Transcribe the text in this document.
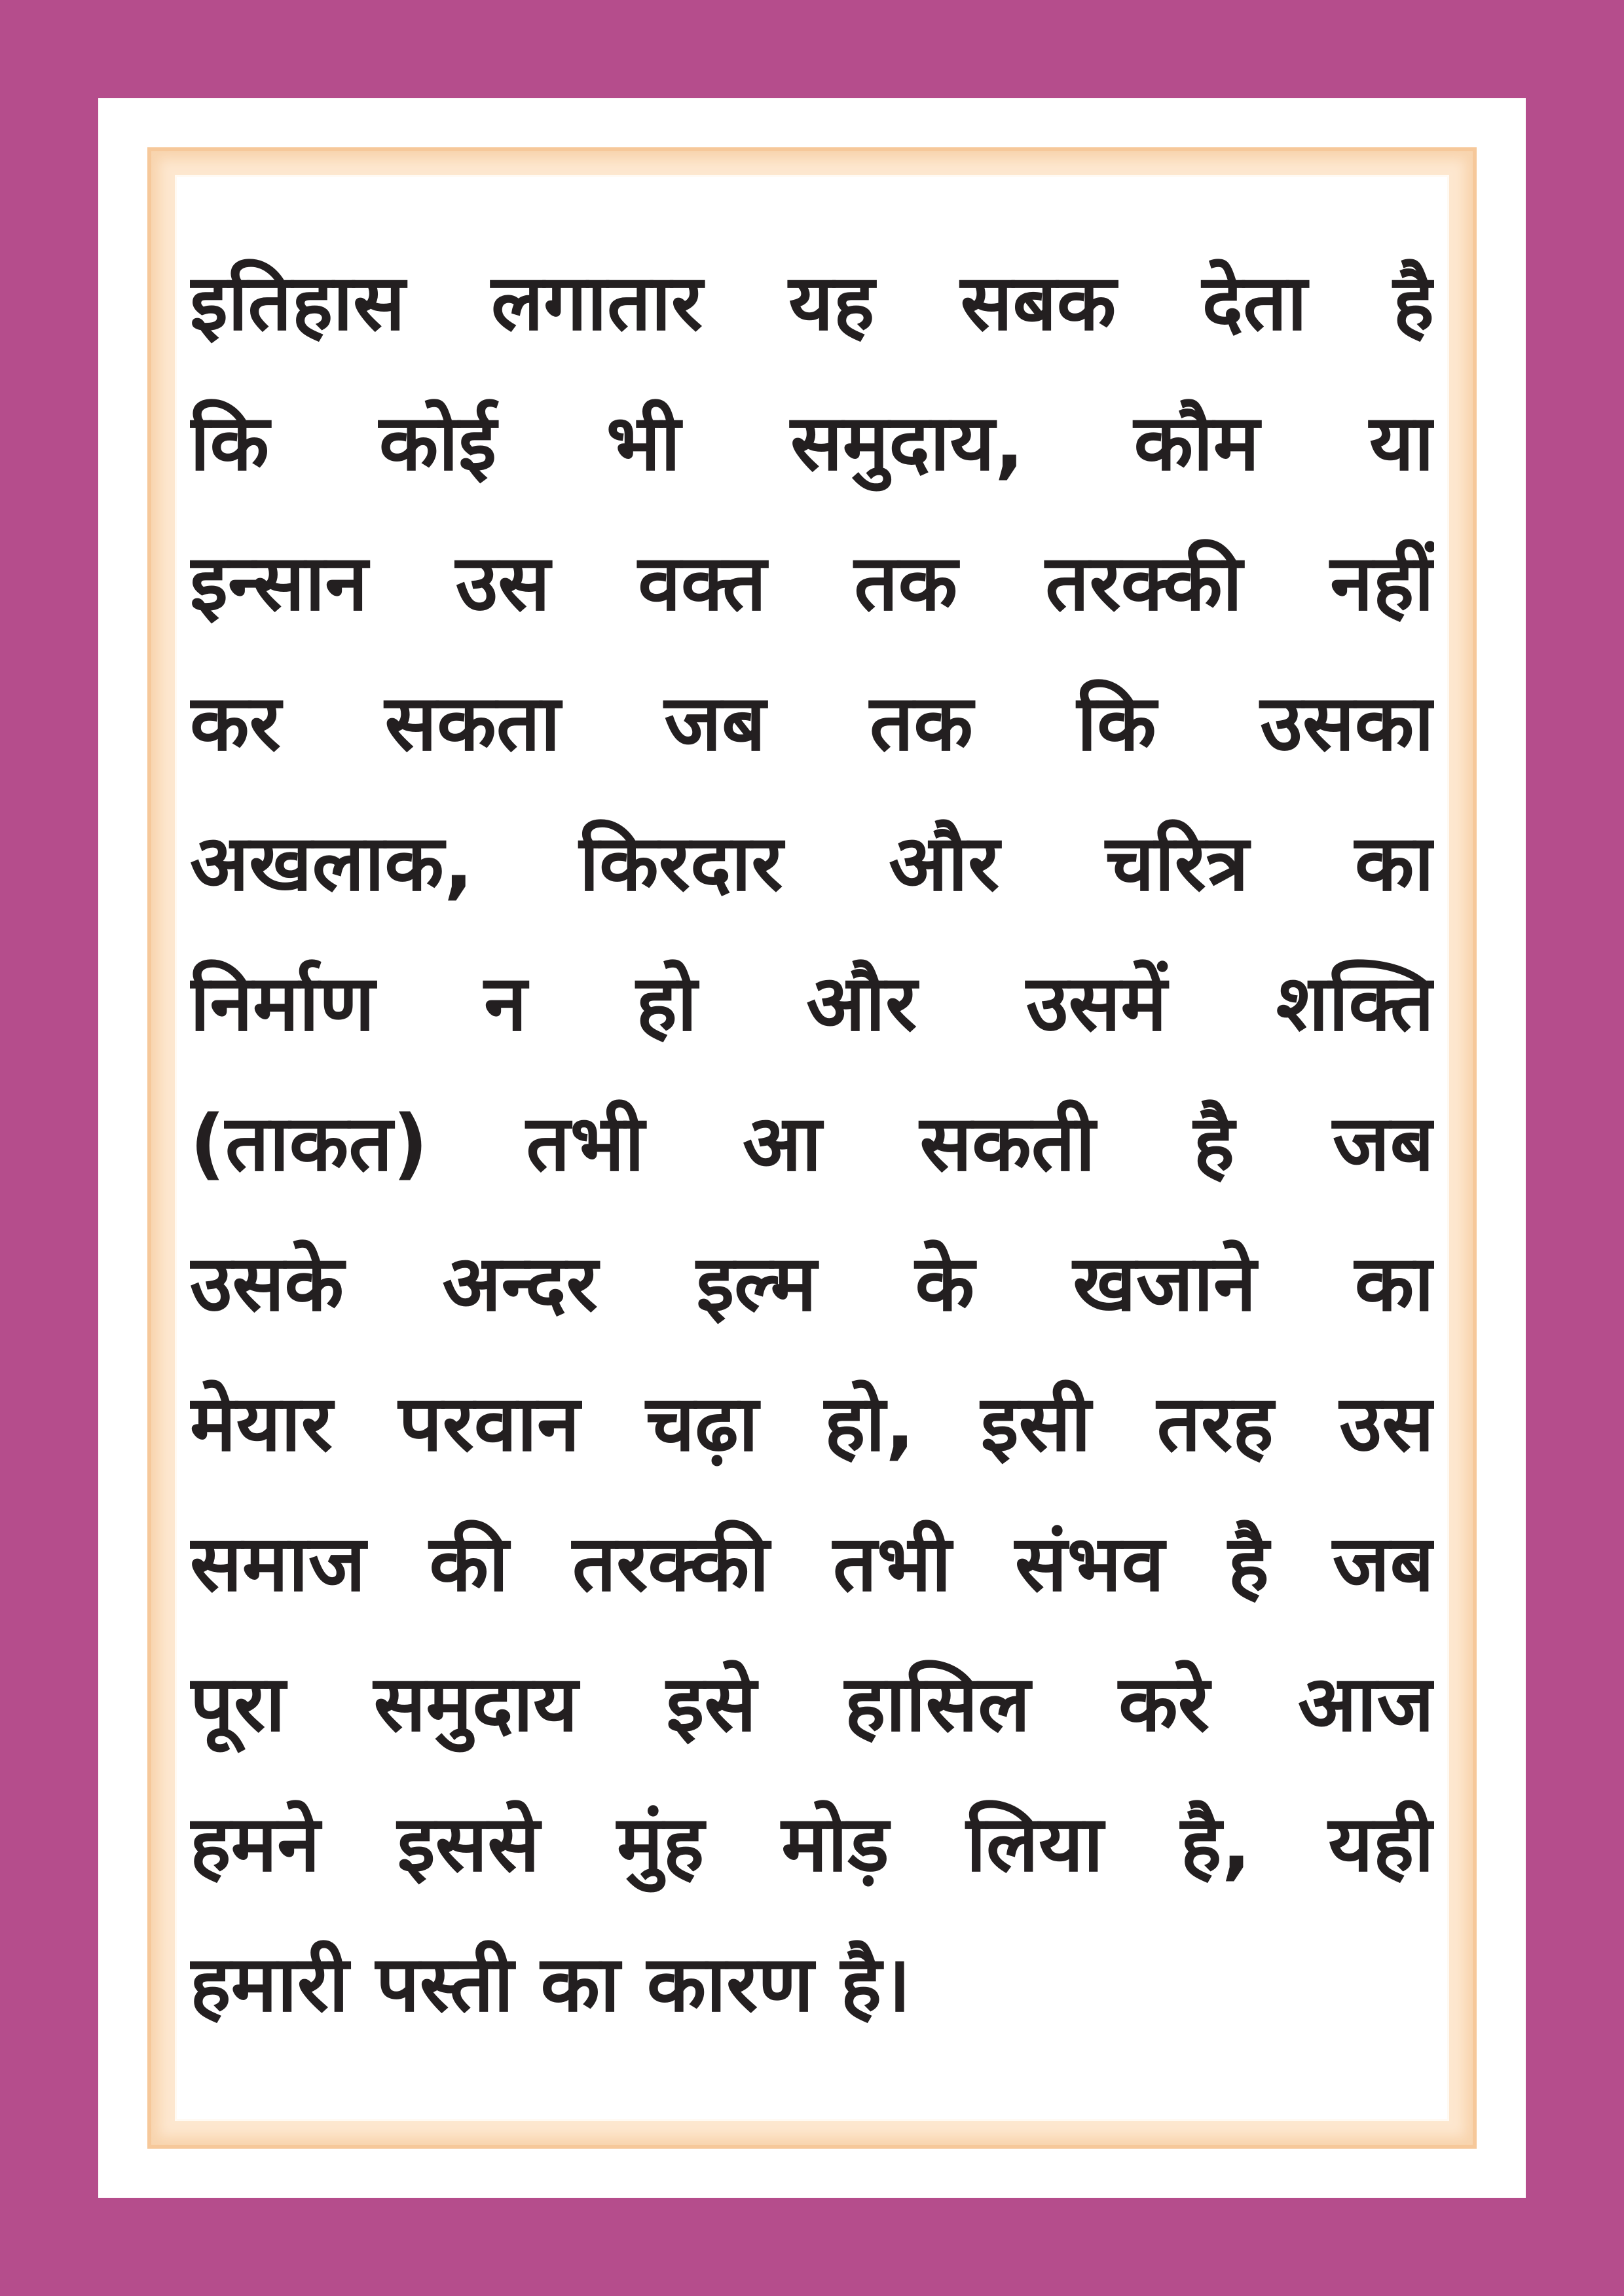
इतिहास लगातार यह सबक देता है
कि कोई भी समुदाय, कौम या
इन्सान उस वक्त तक तरक्की नहीं
कर सकता जब तक कि उसका
अखलाक, किरदार और चरित्र का
निर्माण न हो और उसमें शक्ति
(ताकत) तभी आ सकती है जब
उसके अन्दर इल्म के खजाने का
मेयार परवान चढ़ा हो, इसी तरह उस
समाज की तरक्की तभी संभव है जब
पूरा समुदाय इसे हासिल करे आज
हमने इससे मुंह मोड़ लिया है, यही
हमारी पस्ती का कारण है।
